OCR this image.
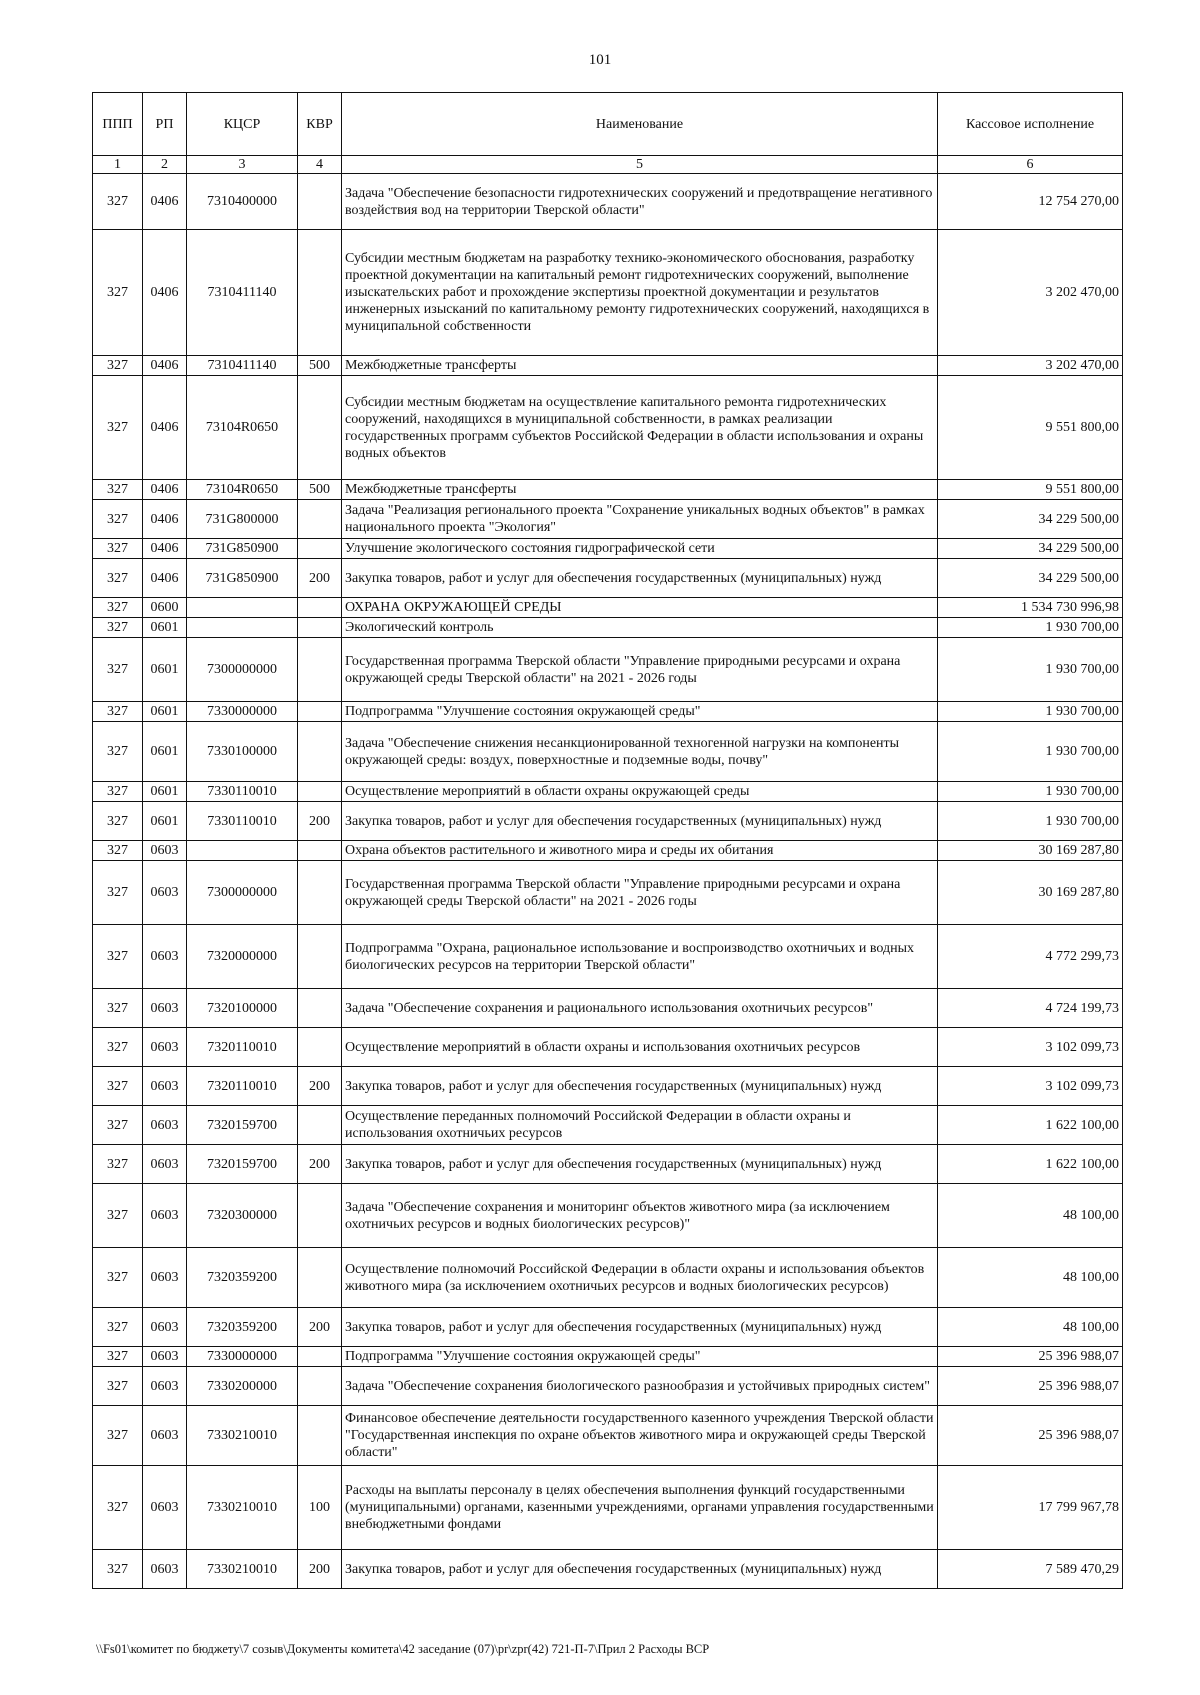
101
ППП	РП	КЦСР	КВР	Наименование	Кассовое исполнение
1	2	3	4	5	6
327	0406	7310400000		Задача "Обеспечение безопасности гидротехнических сооружений и предотвращение негативного воздействия вод на территории Тверской области"	12 754 270,00
327	0406	7310411140		Субсидии местным бюджетам на разработку технико-экономического обоснования, разработку проектной документации на капитальный ремонт гидротехнических сооружений, выполнение изыскательских работ и прохождение экспертизы проектной документации и результатов инженерных изысканий по капитальному ремонту гидротехнических сооружений, находящихся в муниципальной собственности	3 202 470,00
327	0406	7310411140	500	Межбюджетные трансферты	3 202 470,00
327	0406	73104R0650		Субсидии местным бюджетам на осуществление капитального ремонта гидротехнических сооружений, находящихся в муниципальной собственности, в рамках реализации государственных программ субъектов Российской Федерации в области использования и охраны водных объектов	9 551 800,00
327	0406	73104R0650	500	Межбюджетные трансферты	9 551 800,00
327	0406	731G800000		Задача "Реализация регионального проекта "Сохранение уникальных водных объектов" в рамках национального проекта "Экология"	34 229 500,00
327	0406	731G850900		Улучшение экологического состояния гидрографической сети	34 229 500,00
327	0406	731G850900	200	Закупка товаров, работ и услуг для обеспечения государственных (муниципальных) нужд	34 229 500,00
327	0600			ОХРАНА ОКРУЖАЮЩЕЙ СРЕДЫ	1 534 730 996,98
327	0601			Экологический контроль	1 930 700,00
327	0601	7300000000		Государственная программа Тверской области "Управление природными ресурсами и охрана окружающей среды Тверской области" на 2021 - 2026 годы	1 930 700,00
327	0601	7330000000		Подпрограмма "Улучшение состояния окружающей среды"	1 930 700,00
327	0601	7330100000		Задача "Обеспечение снижения несанкционированной техногенной нагрузки на компоненты окружающей среды: воздух, поверхностные и подземные воды, почву"	1 930 700,00
327	0601	7330110010		Осуществление мероприятий в области охраны окружающей среды	1 930 700,00
327	0601	7330110010	200	Закупка товаров, работ и услуг для обеспечения государственных (муниципальных) нужд	1 930 700,00
327	0603			Охрана объектов растительного и животного мира и среды их обитания	30 169 287,80
327	0603	7300000000		Государственная программа Тверской области "Управление природными ресурсами и охрана окружающей среды Тверской области" на 2021 - 2026 годы	30 169 287,80
327	0603	7320000000		Подпрограмма "Охрана, рациональное использование и воспроизводство охотничьих и водных биологических ресурсов на территории Тверской области"	4 772 299,73
327	0603	7320100000		Задача "Обеспечение сохранения и рационального использования охотничьих ресурсов"	4 724 199,73
327	0603	7320110010		Осуществление мероприятий в области охраны и использования охотничьих ресурсов	3 102 099,73
327	0603	7320110010	200	Закупка товаров, работ и услуг для обеспечения государственных (муниципальных) нужд	3 102 099,73
327	0603	7320159700		Осуществление переданных полномочий Российской Федерации в области охраны и использования охотничьих ресурсов	1 622 100,00
327	0603	7320159700	200	Закупка товаров, работ и услуг для обеспечения государственных (муниципальных) нужд	1 622 100,00
327	0603	7320300000		Задача "Обеспечение сохранения и мониторинг объектов животного мира (за исключением охотничьих ресурсов и водных биологических ресурсов)"	48 100,00
327	0603	7320359200		Осуществление полномочий Российской Федерации в области охраны и использования объектов животного мира (за исключением охотничьих ресурсов и водных биологических ресурсов)	48 100,00
327	0603	7320359200	200	Закупка товаров, работ и услуг для обеспечения государственных (муниципальных) нужд	48 100,00
327	0603	7330000000		Подпрограмма "Улучшение состояния окружающей среды"	25 396 988,07
327	0603	7330200000		Задача "Обеспечение сохранения биологического разнообразия и устойчивых природных систем"	25 396 988,07
327	0603	7330210010		Финансовое обеспечение деятельности государственного казенного учреждения Тверской области "Государственная инспекция по охране объектов животного мира и окружающей среды Тверской области"	25 396 988,07
327	0603	7330210010	100	Расходы на выплаты персоналу в целях обеспечения выполнения функций государственными (муниципальными) органами, казенными учреждениями, органами управления государственными внебюджетными фондами	17 799 967,78
327	0603	7330210010	200	Закупка товаров, работ и услуг для обеспечения государственных (муниципальных) нужд	7 589 470,29
\\Fs01\комитет по бюджету\7 созыв\Документы комитета\42 заседание (07)\pr\zpr(42) 721-П-7\Прил 2 Расходы ВСР
